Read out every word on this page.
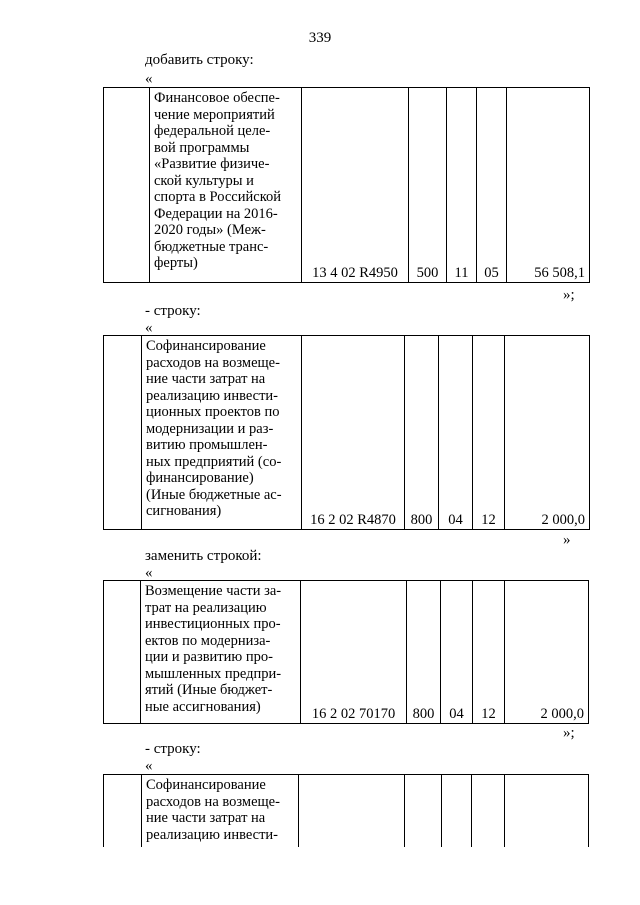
339
добавить строку:
«
	Финансовое обеспе-
чение мероприятий
федеральной целе-
вой программы
«Развитие физиче-
ской культуры и
спорта в Российской
Федерации на 2016-
2020 годы» (Меж-
бюджетные транс-
ферты)	13 4 02 R4950	500	11	05	56 508,1
»;
- строку:
«
	Софинансирование
расходов на возмеще-
ние части затрат на
реализацию инвести-
ционных проектов по
модернизации и раз-
витию промышлен-
ных предприятий (со-
финансирование)
(Иные бюджетные ас-
сигнования)	16 2 02 R4870	800	04	12	2 000,0
»
заменить строкой:
«
	Возмещение части за-
трат на реализацию
инвестиционных про-
ектов по модерниза-
ции и развитию про-
мышленных предпри-
ятий (Иные бюджет-
ные ассигнования)	16 2 02 70170	800	04	12	2 000,0
»;
- строку:
«
	Софинансирование
расходов на возмеще-
ние части затрат на
реализацию инвести-					
